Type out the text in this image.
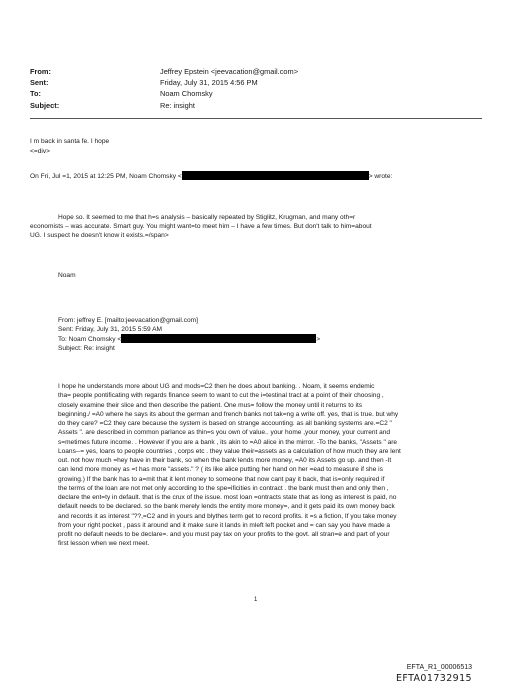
From:	Jeffrey Epstein <jeevacation@gmail.com>
Sent:	Friday, July 31, 2015 4:56 PM
To:	Noam Chomsky
Subject:	Re: insight
I m back in santa fe. I hope
<=div>
On Fri, Jul =1, 2015 at 12:25 PM, Noam Chomsky <	> wrote:
Hope so. It seemed to me that h=s analysis – basically repeated by Stiglitz, Krugman, and many oth=r
economists – was accurate. Smart guy. You might want=to meet him – I have a few times. But don't talk to him=about
UG. I suspect he doesn't know it exists.=/span>
Noam
From: jeffrey E. [mailto:jeevacation@gmail.com]
Sent: Friday, July 31, 2015 5:59 AM
To: Noam Chomsky <	>
Subject: Re: insight
I hope he understands more about UG and mods=C2 then he does about banking. . Noam, it seems endemic
tha= people pontificating with regards finance seem to want to cut the i=testinal tract at a point of their choosing ,
closely examine their slice and then describe the patient. One mus= follow the money until it returns to its
beginning./ =A0 where he says its about the german and french banks not tak=ng a write off. yes, that is true. but why
do they care? =C2 they care because the system is based on strange accounting. as all banking systems are.=C2 "
Assets ". are described in common parlance as thin=s you own of value.. your home ,your money, your current and
s=metimes future income. . However if you are a bank , its akin to =A0 alice in the mirror. -To the banks, "Assets " are
Loans--= yes, loans to people countries , corps etc . they value their=assets as a calculation of how much they are lent
out. not how much =hey have in their bank, so when the bank lends more money, =A0 its Assets go up. and then -It
can lend more money as =t has more "assets." ? ( its like alice putting her hand on her =ead to measure if she is
growing.) If the bank has to a=mit that it lent money to someone that now cant pay it back, that is=only required if
the terms of the loan are not met only according to the spe=ificities in contract . the bank must then and only then ,
declare the ent=ty in default. that is the crux of the issue. most loan =ontracts state that as long as interest is paid, no
default needs to be declared. so the bank merely lends the entity more money=, and it gets paid its own money back
and records it as interest "??,=C2 and in yours and blythes term get to record profits. it =s a fiction, If you take money
from your right pocket , pass it around and it make sure it lands in mleft left pocket and = can say you have made a
profit no default needs to be declare=. and you must pay tax on your profits to the govt. all stran=e and part of your
first lesson when we next meet.
1
EFTA_R1_00006513
EFTA01732915
